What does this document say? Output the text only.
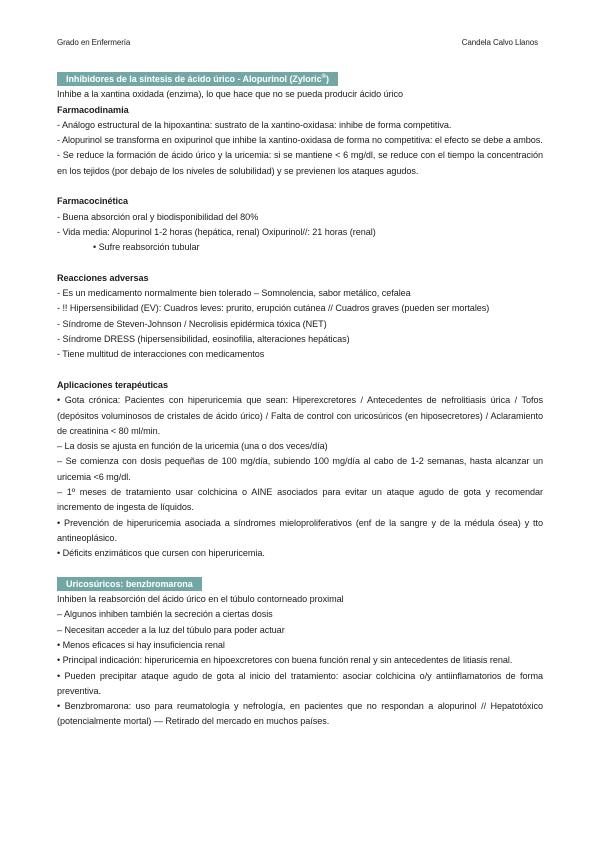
Grado en Enfermería	Candela Calvo Llanos
Inhibidores de la síntesis de ácido úrico - Alopurinol (Zyloric®)

Inhibe a la xantina oxidada (enzima), lo que hace que no se pueda producir ácido úrico

Farmacodinamia

- Análogo estructural de la hipoxantina: sustrato de la xantino-oxidasa: inhibe de forma competitiva.

- Alopurinol se transforma en oxipurinol que inhibe la xantino-oxidasa de forma no competitiva: el efecto se debe a ambos.

- Se reduce la formación de ácido úrico y la uricemia: si se mantiene < 6 mg/dl, se reduce con el tiempo la concentración en los tejidos (por debajo de los niveles de solubilidad) y se previenen los ataques agudos.

Farmacocinética

- Buena absorción oral y biodisponibilidad del 80%

- Vida media: Alopurinol 1-2 horas (hepática, renal) Oxipurinol//: 21 horas (renal)

• Sufre reabsorción tubular

Reacciones adversas

- Es un medicamento normalmente bien tolerado – Somnolencia, sabor metálico, cefalea

- !! Hipersensibilidad (EV): Cuadros leves: prurito, erupción cutánea // Cuadros graves (pueden ser mortales)

- Síndrome de Steven-Johnson / Necrolisis epidérmica tóxica (NET)

- Síndrome DRESS (hipersensibilidad, eosinofilia, alteraciones hepáticas)

- Tiene multitud de interacciones con medicamentos

Aplicaciones terapéuticas

• Gota crónica: Pacientes con hiperuricemia que sean: Hiperexcretores / Antecedentes de nefrolitiasis úrica / Tofos (depósitos voluminosos de cristales de ácido úrico) / Falta de control con uricosúricos (en hiposecretores) / Aclaramiento de creatinina < 80 ml/min.

– La dosis se ajusta en función de la uricemia (una o dos veces/día)

– Se comienza con dosis pequeñas de 100 mg/día, subiendo 100 mg/día al cabo de 1-2 semanas, hasta alcanzar un uricemia <6 mg/dl.

– 1º meses de tratamiento usar colchicina o AINE asociados para evitar un ataque agudo de gota y recomendar incremento de ingesta de líquidos.

• Prevención de hiperuricemia asociada a síndromes mieloproliferativos (enf de la sangre y de la médula ósea) y tto antineoplásico.

• Déficits enzimáticos que cursen con hiperuricemia.

Uricosúricos: benzbromarona

Inhiben la reabsorción del ácido úrico en el túbulo contorneado proximal

– Algunos inhiben también la secreción a ciertas dosis

– Necesitan acceder a la luz del túbulo para poder actuar

• Menos eficaces si hay insuficiencia renal

• Principal indicación: hiperuricemia en hipoexcretores con buena función renal y sin antecedentes de litiasis renal.

• Pueden precipitar ataque agudo de gota al inicio del tratamiento: asociar colchicina o/y antiinflamatorios de forma preventiva.

• Benzbromarona: uso para reumatología y nefrología, en pacientes que no respondan a alopurinol // Hepatotóxico (potencialmente mortal) — Retirado del mercado en muchos países.
